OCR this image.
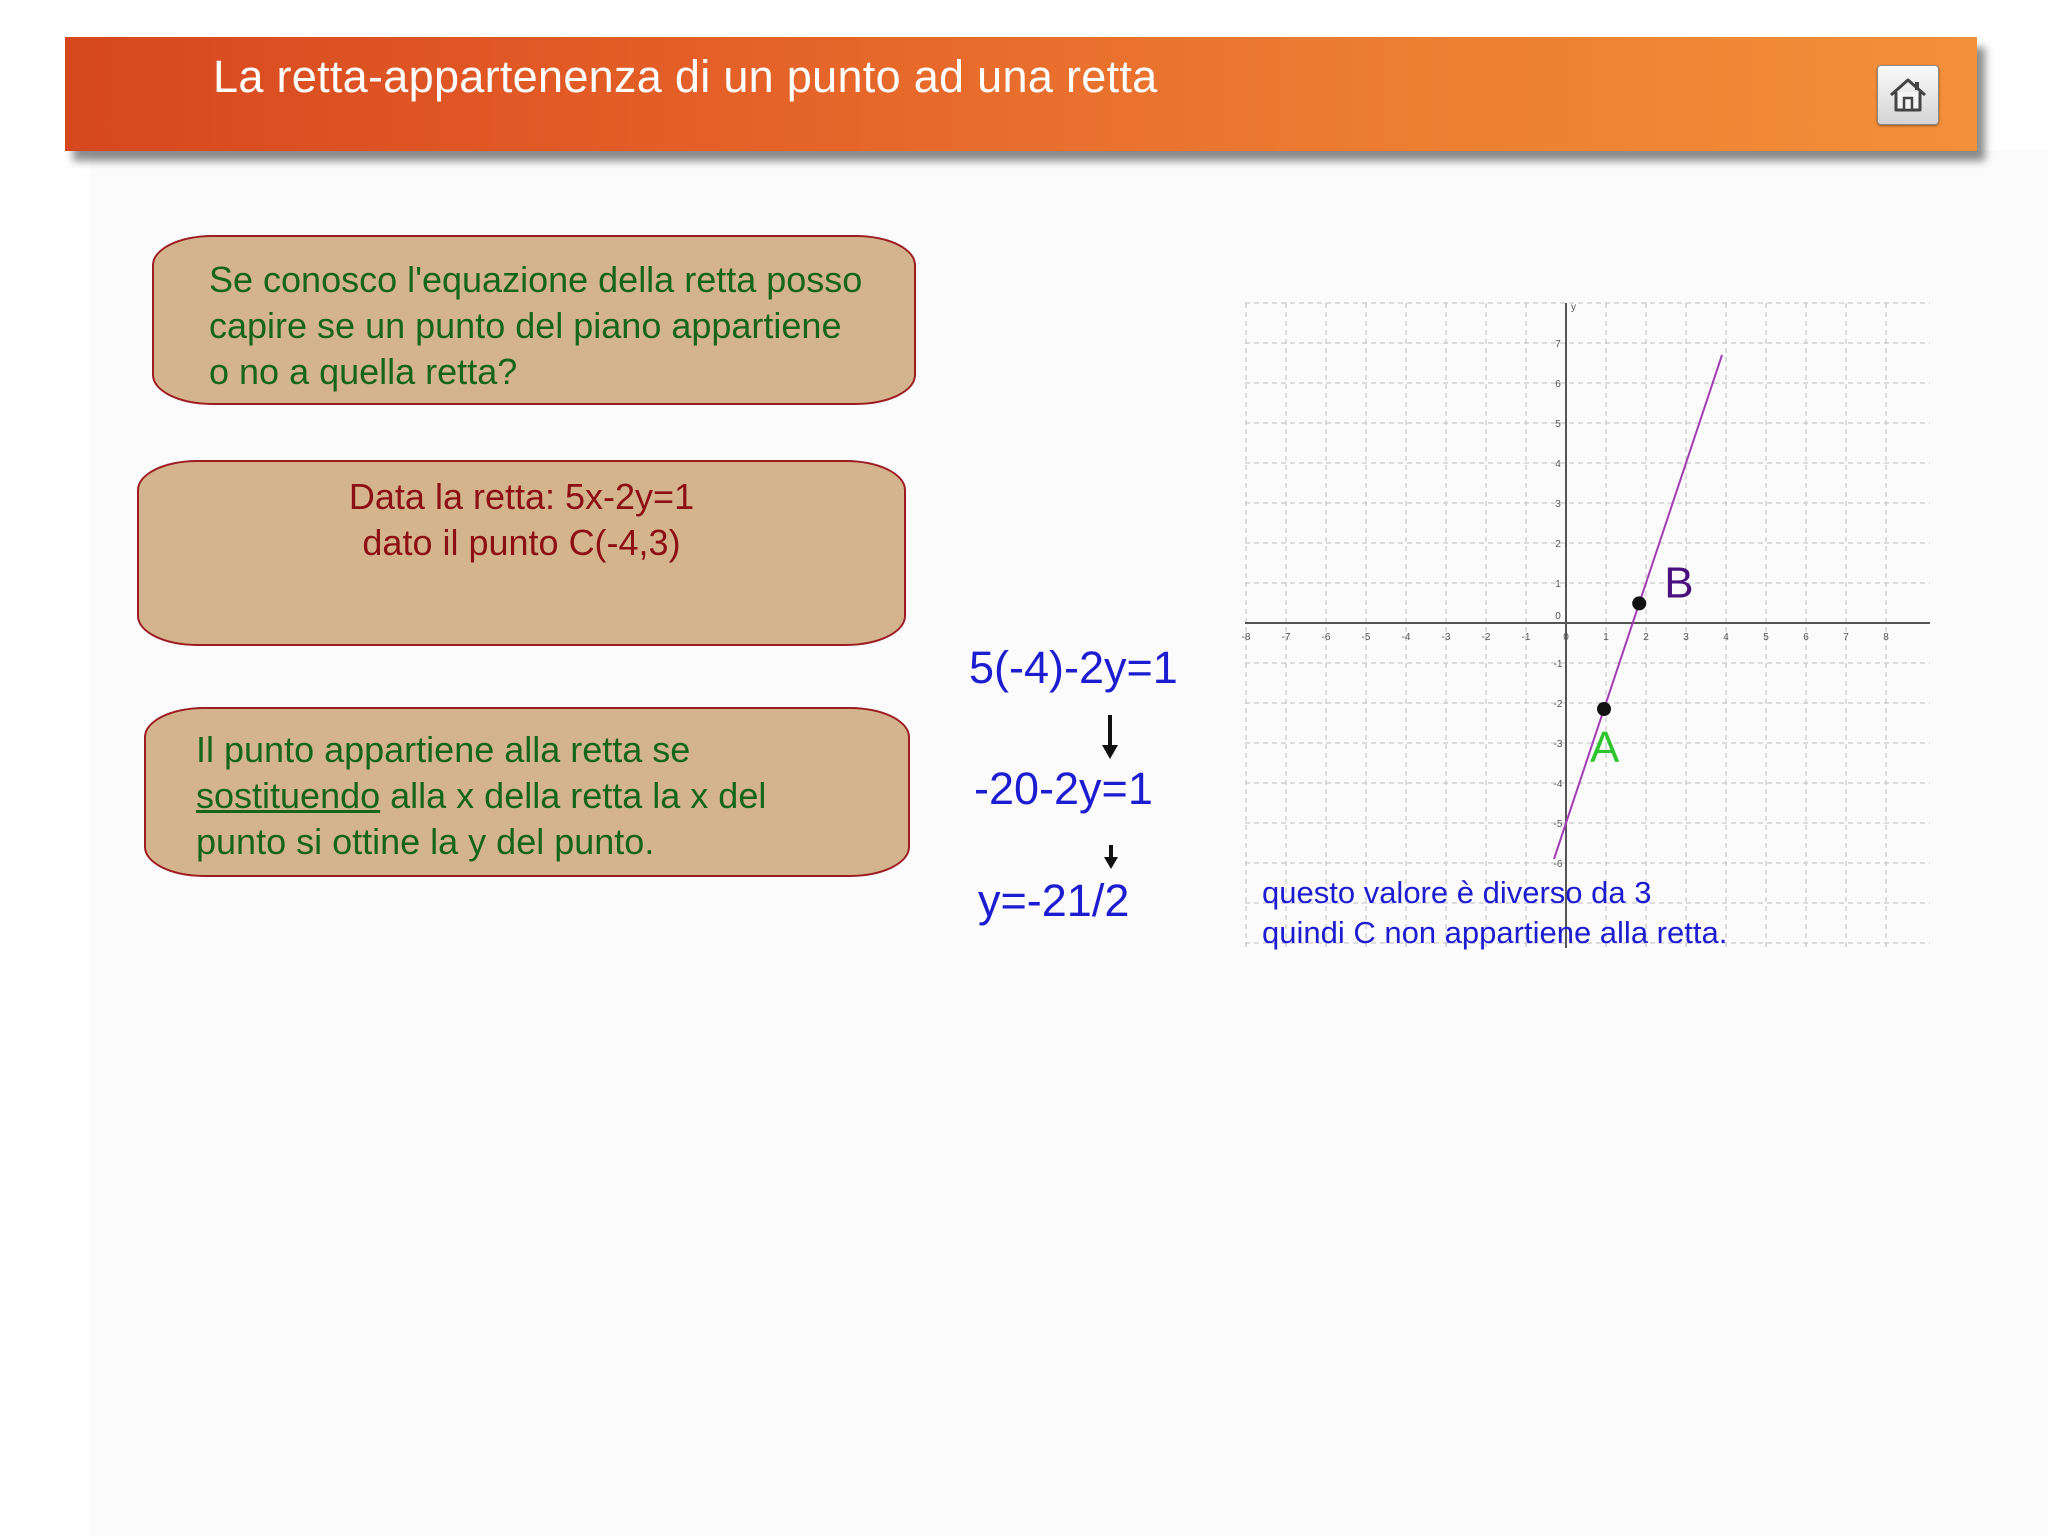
La retta-appartenenza di un punto ad una retta
Se conosco l'equazione della retta posso
capire se un punto del piano appartiene
o no a quella retta?
Data la retta: 5x-2y=1
dato il punto C(-4,3)
Il punto appartiene alla retta se
sostituendo alla x della retta la x del
punto si ottine la y del punto.
5(-4)-2y=1
-20-2y=1
y=-21/2
y
-8	-7	-6	-5	-4	-3	-2	-1	0	1	2	3	4	5	6	7	8
0
-6
-5
-4
-3
-2
-1
1
2
3
4
5
6
7
B
A
questo valore è diverso da 3
quindi C non appartiene alla retta.
